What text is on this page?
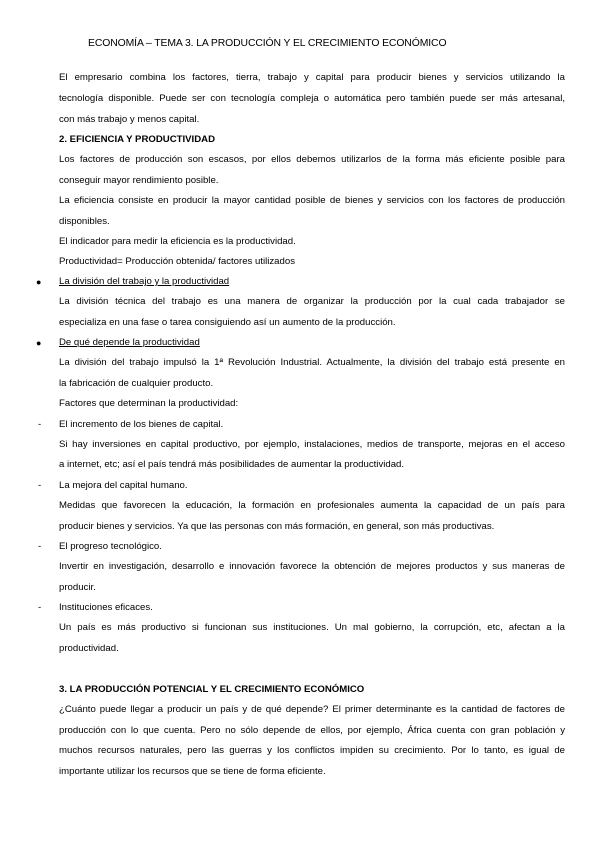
ECONOMÍA – TEMA 3. LA PRODUCCIÓN Y EL CRECIMIENTO ECONÓMICO
El empresario combina los factores, tierra, trabajo y capital para producir bienes y servicios utilizando la
tecnología disponible. Puede ser con tecnología compleja o automática pero también puede ser más artesanal,
con más trabajo y menos capital.
2. EFICIENCIA Y PRODUCTIVIDAD
Los factores de producción son escasos, por ellos debemos utilizarlos de la forma más eficiente posible para
conseguir mayor rendimiento posible.
La eficiencia consiste en producir la mayor cantidad posible de bienes y servicios con los factores de producción
disponibles.
El indicador para medir la eficiencia es la productividad.
Productividad= Producción obtenida/ factores utilizados
● La división del trabajo y la productividad
La división técnica del trabajo es una manera de organizar la producción por la cual cada trabajador se
especializa en una fase o tarea consiguiendo así un aumento de la producción.
● De qué depende la productividad
La división del trabajo impulsó la 1ª Revolución Industrial. Actualmente, la división del trabajo está presente en
la fabricación de cualquier producto.
Factores que determinan la productividad:
-	El incremento de los bienes de capital.
Si hay inversiones en capital productivo, por ejemplo, instalaciones, medios de transporte, mejoras en el acceso
a internet, etc; así el país tendrá más posibilidades de aumentar la productividad.
-	La mejora del capital humano.
Medidas que favorecen la educación, la formación en profesionales aumenta la capacidad de un país para
producir bienes y servicios. Ya que las personas con más formación, en general, son más productivas.
-	El progreso tecnológico.
Invertir en investigación, desarrollo e innovación favorece la obtención de mejores productos y sus maneras de
producir.
-	Instituciones eficaces.
Un país es más productivo si funcionan sus instituciones. Un mal gobierno, la corrupción, etc, afectan a la
productividad.
3. LA PRODUCCIÓN POTENCIAL Y EL CRECIMIENTO ECONÓMICO
¿Cuánto puede llegar a producir un país y de qué depende? El primer determinante es la cantidad de factores de
producción con lo que cuenta. Pero no sólo depende de ellos, por ejemplo, África cuenta con gran población y
muchos recursos naturales, pero las guerras y los conflictos impiden su crecimiento. Por lo tanto, es igual de
importante utilizar los recursos que se tiene de forma eficiente.
